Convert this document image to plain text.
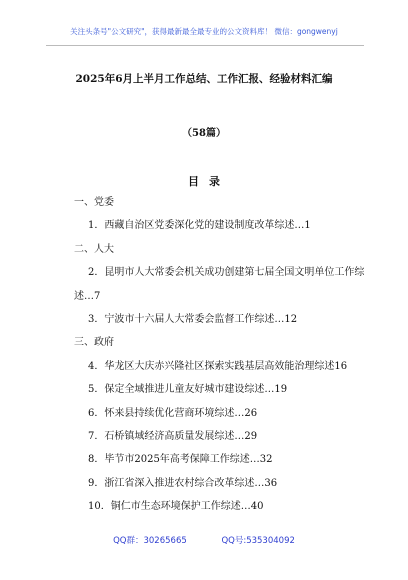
关注头条号"公文研究"，获得最新最全最专业的公文资料库！ 微信：gongwenyj
2025年6月上半月工作总结、工作汇报、经验材料汇编
（58篇）
目录
一、党委
1．西藏自治区党委深化党的建设制度改革综述…1
二、人大
2．昆明市人大常委会机关成功创建第七届全国文明单位工作综述…7
3．宁波市十六届人大常委会监督工作综述…12
三、政府
4．华龙区大庆赤兴隆社区探索实践基层高效能治理综述16
5．保定全域推进儿童友好城市建设综述…19
6．怀来县持续优化营商环境综述…26
7．石桥镇域经济高质量发展综述…29
8．毕节市2025年高考保障工作综述…32
9．浙江省深入推进农村综合改革综述…36
10．铜仁市生态环境保护工作综述…40
QQ群：30265665	QQ号:535304092
